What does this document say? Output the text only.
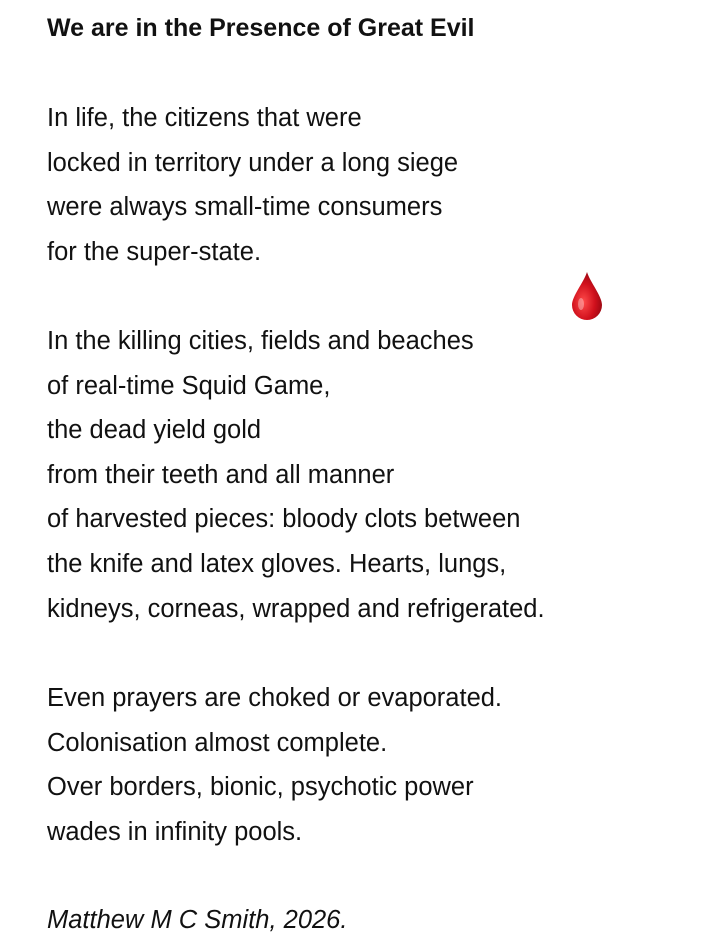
We are in the Presence of Great Evil
In life, the citizens that were
locked in territory under a long siege
were always small-time consumers
for the super-state.
In the killing cities, fields and beaches
of real-time Squid Game,
the dead yield gold
from their teeth and all manner
of harvested pieces: bloody clots between
the knife and latex gloves. Hearts, lungs,
kidneys, corneas, wrapped and refrigerated.
Even prayers are choked or evaporated.
Colonisation almost complete.
Over borders, bionic, psychotic power
wades in infinity pools.
Matthew M C Smith, 2026.
